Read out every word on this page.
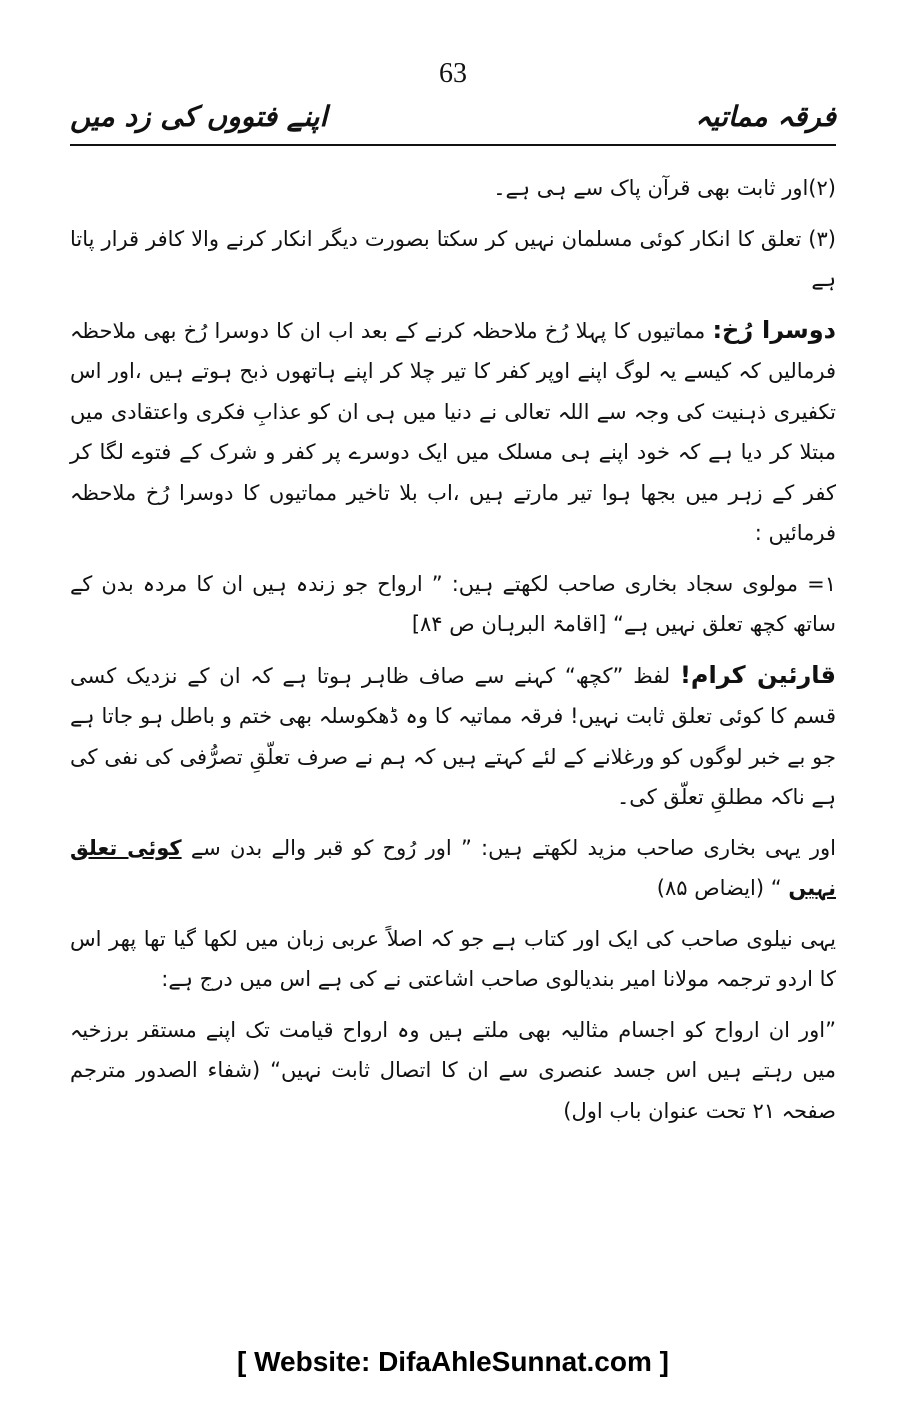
63
فرقہ مماتیہ
اپنے فتووں کی زد میں

(۲)اور ثابت بھی قرآن پاک سے ہی ہے۔

(۳) تعلق کا انکار کوئی مسلمان نہیں کر سکتا بصورت دیگر انکار کرنے والا کافر قرار پاتا ہے

دوسرا رُخ: مماتیوں کا پہلا رُخ ملاحظہ کرنے کے بعد اب ان کا دوسرا رُخ بھی ملاحظہ فرمالیں کہ کیسے یہ لوگ اپنے اوپر کفر کا تیر چلا کر اپنے ہاتھوں ذبح ہوتے ہیں ،اور اس تکفیری ذہنیت کی وجہ سے اللہ تعالی نے دنیا میں ہی ان کو عذابِ فکری واعتقادی میں مبتلا کر دیا ہے کہ خود اپنے ہی مسلک میں ایک دوسرے پر کفر و شرک کے فتوے لگا کر کفر کے زہر میں بجھا ہوا تیر مارتے ہیں ،اب بلا تاخیر مماتیوں کا دوسرا رُخ ملاحظہ فرمائیں :

۱= مولوی سجاد بخاری صاحب لکھتے ہیں: ” ارواح جو زندہ ہیں ان کا مردہ بدن کے ساتھ کچھ تعلق نہیں ہے“ [اقامۃ البرہان ص ۸۴]

قارئین کرام! لفظ ”کچھ“ کہنے سے صاف ظاہر ہوتا ہے کہ ان کے نزدیک کسی قسم کا کوئی تعلق ثابت نہیں! فرقہ مماتیہ کا وہ ڈھکوسلہ بھی ختم و باطل ہو جاتا ہے جو بے خبر لوگوں کو ورغلانے کے لئے کہتے ہیں کہ ہم نے صرف تعلّقِ تصرُّفی کی نفی کی ہے ناکہ مطلقِ تعلّق کی۔

اور یہی بخاری صاحب مزید لکھتے ہیں: ” اور رُوح کو قبر والے بدن سے کوئی تعلق نہیں “ (ایضاص ۸۵)

یہی نیلوی صاحب کی ایک اور کتاب ہے جو کہ اصلاً عربی زبان میں لکھا گیا تھا پھر اس کا اردو ترجمہ مولانا امیر بندیالوی صاحب اشاعتی نے کی ہے اس میں درج ہے:

”اور ان ارواح کو اجسام مثالیہ بھی ملتے ہیں وہ ارواح قیامت تک اپنے مستقر برزخیہ میں رہتے ہیں اس جسد عنصری سے ان کا اتصال ثابت نہیں“ (شفاء الصدور مترجم صفحہ ۲۱ تحت عنوان باب اول)

[ Website: DifaAhleSunnat.com ]
